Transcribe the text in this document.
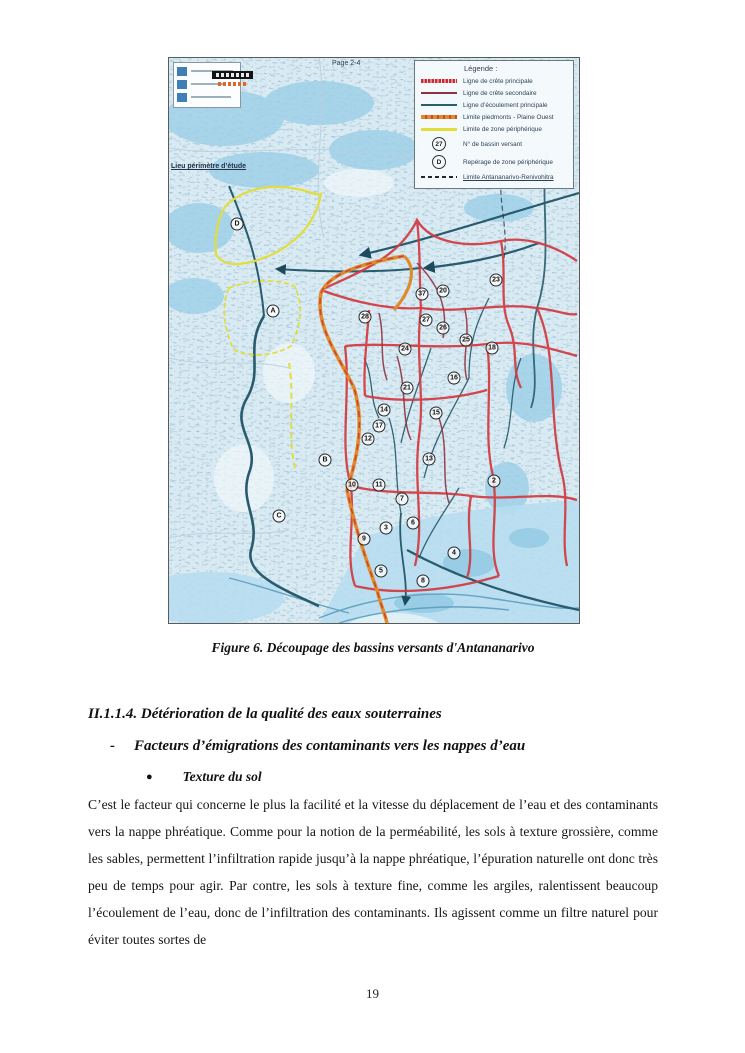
Page 2-4
Lieu périmètre d’étude
Légende :
Ligne de crête principale
Ligne de crête secondaire
Ligne d’écoulement principale
Limite piedmonts - Plaine Ouest
Limite de zone périphérique
27	N° de bassin versant
D	Repérage de zone périphérique
Limite Antananarivo-Renivohitra
37	20
23
28	27
26
25
24	18
16
21
14	15
17
12
13
10	11
2
7
6
3
9
4
5
8
D
A
B
C
Figure 6. Découpage des bassins versants d'Antananarivo
II.1.1.4. Détérioration de la qualité des eaux souterraines
- Facteurs d’émigrations des contaminants vers les nappes d’eau
● Texture du sol
C’est le facteur qui concerne le plus la facilité et la vitesse du déplacement de l’eau et des contaminants vers la nappe phréatique. Comme pour la notion de la perméabilité, les sols à texture grossière, comme les sables, permettent l’infiltration rapide jusqu’à la nappe phréatique, l’épuration naturelle ont donc très peu de temps pour agir. Par contre, les sols à texture fine, comme les argiles, ralentissent beaucoup l’écoulement de l’eau, donc de l’infiltration des contaminants. Ils agissent comme un filtre naturel pour éviter toutes sortes de
19
